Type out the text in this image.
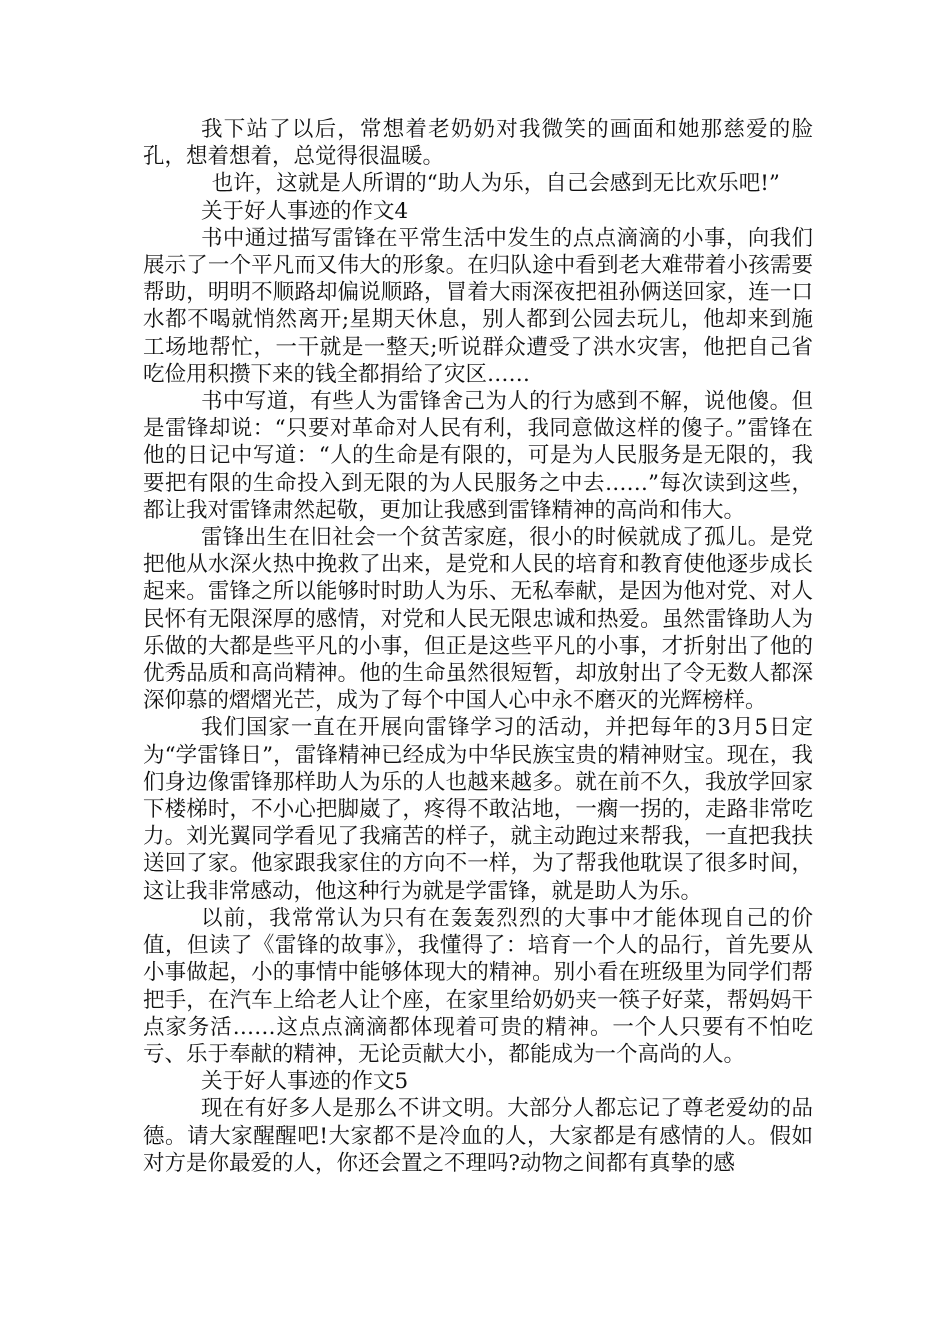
我下站了以后，常想着老奶奶对我微笑的画面和她那慈爱的脸孔，想着想着，总觉得很温暖。

也许，这就是人所谓的“助人为乐，自己会感到无比欢乐吧!”

关于好人事迹的作文4

书中通过描写雷锋在平常生活中发生的点点滴滴的小事，向我们展示了一个平凡而又伟大的形象。在归队途中看到老大难带着小孩需要帮助，明明不顺路却偏说顺路，冒着大雨深夜把祖孙俩送回家，连一口水都不喝就悄然离开;星期天休息，别人都到公园去玩儿，他却来到施工场地帮忙，一干就是一整天;听说群众遭受了洪水灾害，他把自己省吃俭用积攒下来的钱全都捐给了灾区……

书中写道，有些人为雷锋舍己为人的行为感到不解，说他傻。但是雷锋却说：“只要对革命对人民有利，我同意做这样的傻子。”雷锋在他的日记中写道：“人的生命是有限的，可是为人民服务是无限的，我要把有限的生命投入到无限的为人民服务之中去……”每次读到这些，都让我对雷锋肃然起敬，更加让我感到雷锋精神的高尚和伟大。

雷锋出生在旧社会一个贫苦家庭，很小的时候就成了孤儿。是党把他从水深火热中挽救了出来，是党和人民的培育和教育使他逐步成长起来。雷锋之所以能够时时助人为乐、无私奉献，是因为他对党、对人民怀有无限深厚的感情，对党和人民无限忠诚和热爱。虽然雷锋助人为乐做的大都是些平凡的小事，但正是这些平凡的小事，才折射出了他的优秀品质和高尚精神。他的生命虽然很短暂，却放射出了令无数人都深深仰慕的熠熠光芒，成为了每个中国人心中永不磨灭的光辉榜样。

我们国家一直在开展向雷锋学习的活动，并把每年的3月5日定为“学雷锋日”，雷锋精神已经成为中华民族宝贵的精神财宝。现在，我们身边像雷锋那样助人为乐的人也越来越多。就在前不久，我放学回家下楼梯时，不小心把脚崴了，疼得不敢沾地，一瘸一拐的，走路非常吃力。刘光翼同学看见了我痛苦的样子，就主动跑过来帮我，一直把我扶送回了家。他家跟我家住的方向不一样，为了帮我他耽误了很多时间，这让我非常感动，他这种行为就是学雷锋，就是助人为乐。

以前，我常常认为只有在轰轰烈烈的大事中才能体现自己的价值，但读了《雷锋的故事》，我懂得了：培育一个人的品行，首先要从小事做起，小的事情中能够体现大的精神。别小看在班级里为同学们帮把手，在汽车上给老人让个座，在家里给奶奶夹一筷子好菜，帮妈妈干点家务活……这点点滴滴都体现着可贵的精神。一个人只要有不怕吃亏、乐于奉献的精神，无论贡献大小，都能成为一个高尚的人。

关于好人事迹的作文5

现在有好多人是那么不讲文明。大部分人都忘记了尊老爱幼的品德。请大家醒醒吧!大家都不是冷血的人，大家都是有感情的人。假如对方是你最爱的人，你还会置之不理吗?动物之间都有真挚的感
